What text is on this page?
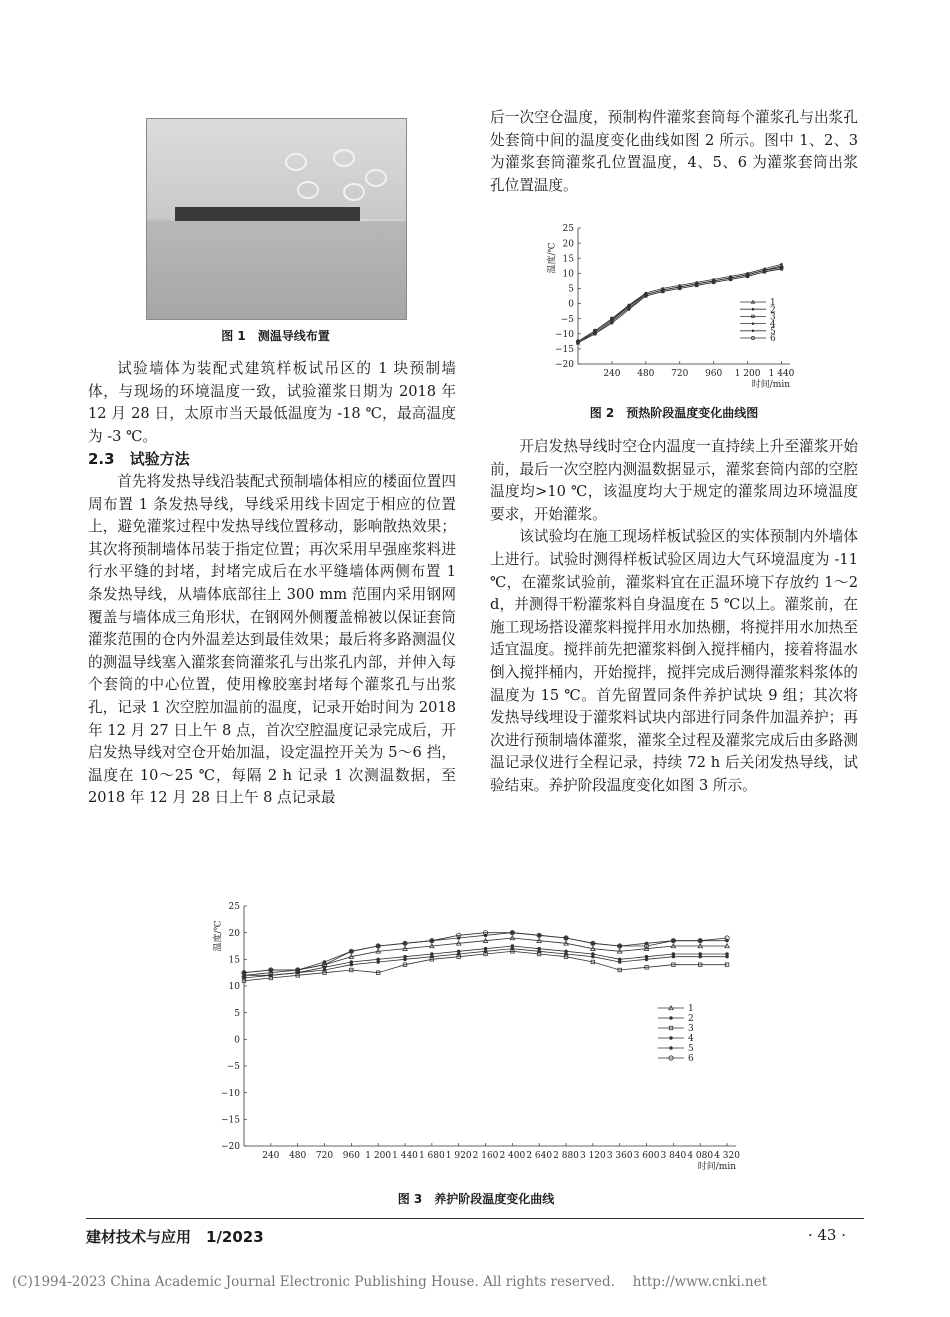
图 1　测温导线布置

试验墙体为装配式建筑样板试吊区的 1 块预制墙体，与现场的环境温度一致，试验灌浆日期为 2018 年 12 月 28 日，太原市当天最低温度为 -18 ℃，最高温度为 -3 ℃。

2.3　试验方法

首先将发热导线沿装配式预制墙体相应的楼面位置四周布置 1 条发热导线，导线采用线卡固定于相应的位置上，避免灌浆过程中发热导线位置移动，影响散热效果；其次将预制墙体吊装于指定位置；再次采用早强座浆料进行水平缝的封堵，封堵完成后在水平缝墙体两侧布置 1 条发热导线，从墙体底部往上 300 mm 范围内采用钢网覆盖与墙体成三角形状，在钢网外侧覆盖棉被以保证套筒灌浆范围的仓内外温差达到最佳效果；最后将多路测温仪的测温导线塞入灌浆套筒灌浆孔与出浆孔内部，并伸入每个套筒的中心位置，使用橡胶塞封堵每个灌浆孔与出浆孔，记录 1 次空腔加温前的温度，记录开始时间为 2018 年 12 月 27 日上午 8 点，首次空腔温度记录完成后，开启发热导线对空仓开始加温，设定温控开关为 5～6 挡，温度在 10～25 ℃，每隔 2 h 记录 1 次测温数据，至 2018 年 12 月 28 日上午 8 点记录最

后一次空仓温度，预制构件灌浆套筒每个灌浆孔与出浆孔处套筒中间的温度变化曲线如图 2 所示。图中 1、2、3 为灌浆套筒灌浆孔位置温度，4、5、6 为灌浆套筒出浆孔位置温度。

−20
−15
−10
−5
0
5
10
15
20
25
240 480 720 960 1 200 1 440
温度/℃
时间/min
1
2
3
4
5
6
图 2　预热阶段温度变化曲线图

开启发热导线时空仓内温度一直持续上升至灌浆开始前，最后一次空腔内测温数据显示，灌浆套筒内部的空腔温度均>10 ℃，该温度均大于规定的灌浆周边环境温度要求，开始灌浆。

该试验均在施工现场样板试验区的实体预制内外墙体上进行。试验时测得样板试验区周边大气环境温度为 -11 ℃，在灌浆试验前，灌浆料宜在正温环境下存放约 1～2 d，并测得干粉灌浆料自身温度在 5 ℃以上。灌浆前，在施工现场搭设灌浆料搅拌用水加热棚，将搅拌用水加热至适宜温度。搅拌前先把灌浆料倒入搅拌桶内，接着将温水倒入搅拌桶内，开始搅拌，搅拌完成后测得灌浆料浆体的温度为 15 ℃。首先留置同条件养护试块 9 组；其次将发热导线埋设于灌浆料试块内部进行同条件加温养护；再次进行预制墙体灌浆，灌浆全过程及灌浆完成后由多路测温记录仪进行全程记录，持续 72 h 后关闭发热导线，试验结束。养护阶段温度变化如图 3 所示。

−20
−15
−10
−5
0
5
10
15
20
25
240 480 720 960 1 200 1 440 1 680 1 920 2 160 2 400 2 640 2 880 3 120 3 360 3 600 3 840 4 080 4 320
温度/℃
时间/min
1
2
3
4
5
6
图 3　养护阶段温度变化曲线
建材技术与应用　1/2023	· 43 ·
(C)1994-2023 China Academic Journal Electronic Publishing House. All rights reserved.　 http://www.cnki.net
